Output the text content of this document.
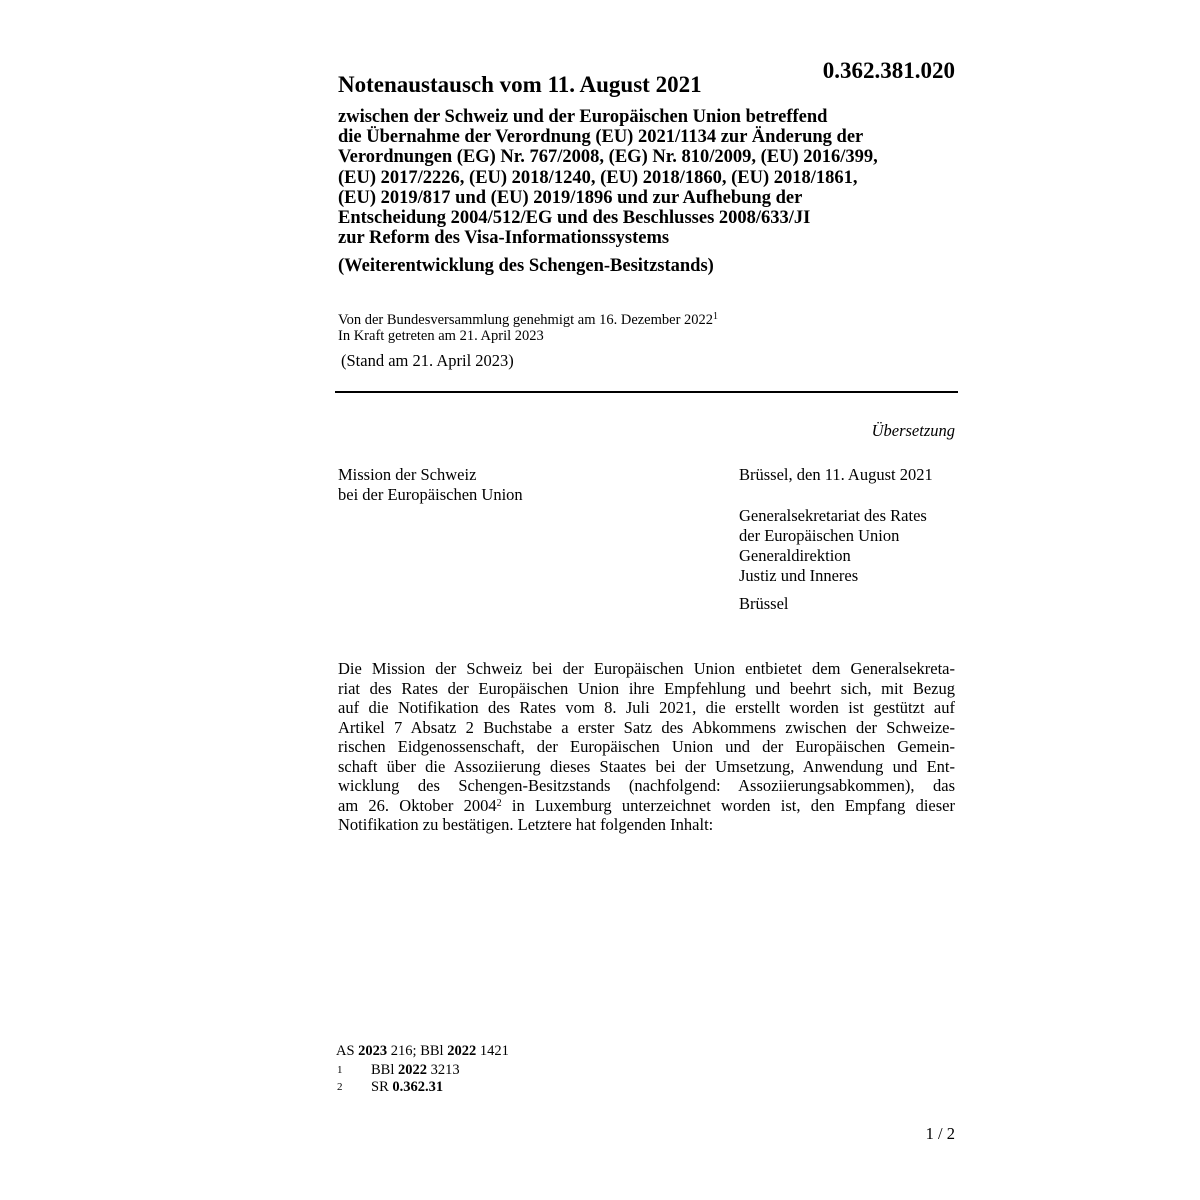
0.362.381.020
Notenaustausch vom 11. August 2021
zwischen der Schweiz und der Europäischen Union betreffend
die Übernahme der Verordnung (EU) 2021/1134 zur Änderung der
Verordnungen (EG) Nr. 767/2008, (EG) Nr. 810/2009, (EU) 2016/399,
(EU) 2017/2226, (EU) 2018/1240, (EU) 2018/1860, (EU) 2018/1861,
(EU) 2019/817 und (EU) 2019/1896 und zur Aufhebung der
Entscheidung 2004/512/EG und des Beschlusses 2008/633/JI
zur Reform des Visa-Informationssystems
(Weiterentwicklung des Schengen-Besitzstands)
Von der Bundesversammlung genehmigt am 16. Dezember 2022$^1$
In Kraft getreten am 21. April 2023
(Stand am 21. April 2023)
Übersetzung
Mission der Schweiz
bei der Europäischen Union
Brüssel, den 11. August 2021
Generalsekretariat des Rates
der Europäischen Union
Generaldirektion
Justiz und Inneres
Brüssel
Die Mission der Schweiz bei der Europäischen Union entbietet dem Generalsekreta-
riat des Rates der Europäischen Union ihre Empfehlung und beehrt sich, mit Bezug
auf die Notifikation des Rates vom 8. Juli 2021, die erstellt worden ist gestützt auf
Artikel 7 Absatz 2 Buchstabe a erster Satz des Abkommens zwischen der Schweize-
rischen Eidgenossenschaft, der Europäischen Union und der Europäischen Gemein-
schaft über die Assoziierung dieses Staates bei der Umsetzung, Anwendung und Ent-
wicklung des Schengen-Besitzstands (nachfolgend: Assoziierungsabkommen), das
am 26. Oktober 2004$^2$ in Luxemburg unterzeichnet worden ist, den Empfang dieser
Notifikation zu bestätigen. Letztere hat folgenden Inhalt:
AS 2023 216; BBl 2022 1421
1	BBl 2022 3213
2	SR 0.362.31
1 / 2
